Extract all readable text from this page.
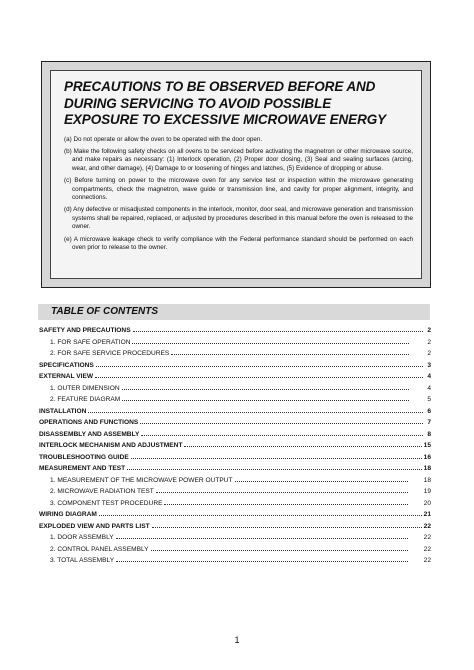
PRECAUTIONS TO BE OBSERVED BEFORE AND
DURING SERVICING TO AVOID POSSIBLE
EXPOSURE TO EXCESSIVE MICROWAVE ENERGY
(a) Do not operate or allow the oven to be operated with the door open.
(b) Make the following safety checks on all ovens to be serviced before activating the magnetron or other microwave source, and make repairs as necessary: (1) Interlock operation, (2) Proper door closing, (3) Seal and sealing surfaces (arcing, wear, and other damage), (4) Damage to or loosening of hinges and latches, (5) Evidence of dropping or abuse.
(c) Before turning on power to the microwave oven for any service test or inspection within the microwave generating compartments, check the magnetron, wave guide or transmission line, and cavity for proper alignment, integrity, and connections.
(d) Any defective or misadjusted components in the interlock, monitor, door seal, and microwave generation and transmission systems shall be repaired, replaced, or adjusted by procedures described in this manual before the oven is released to the owner.
(e) A microwave leakage check to verify compliance with the Federal performance standard should be performed on each oven prior to release to the owner.
TABLE OF CONTENTS
SAFETY AND PRECAUTIONS	2
1. FOR SAFE OPERATION	2
2. FOR SAFE SERVICE PROCEDURES	2
SPECIFICATIONS	3
EXTERNAL VIEW	4
1. OUTER DIMENSION	4
2. FEATURE DIAGRAM	5
INSTALLATION	6
OPERATIONS AND FUNCTIONS	7
DISASSEMBLY AND ASSEMBLY	8
INTERLOCK MECHANISM AND ADJUSTMENT	15
TROUBLESHOOTING GUIDE	16
MEASUREMENT AND TEST	18
1. MEASUREMENT OF THE MICROWAVE POWER OUTPUT	18
2. MICROWAVE RADIATION TEST	19
3. COMPONENT TEST PROCEDURE	20
WIRING DIAGRAM	21
EXPLODED VIEW AND PARTS LIST	22
1. DOOR ASSEMBLY	22
2. CONTROL PANEL ASSEMBLY	22
3. TOTAL ASSEMBLY	22
1
